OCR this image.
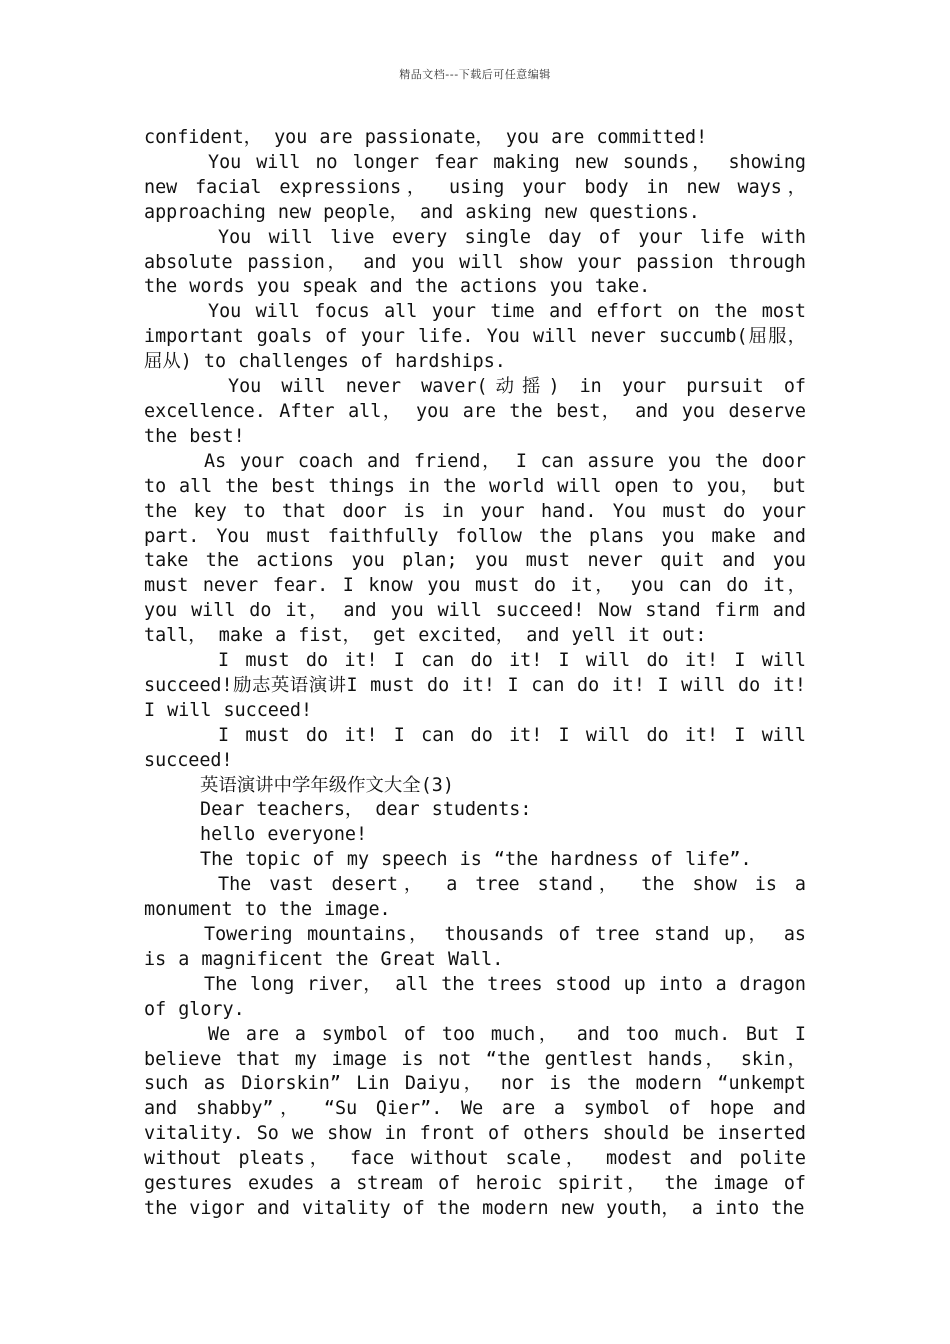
精品文档---下载后可任意编辑

confident， you are passionate， you are committed!

You will no longer fear making new sounds， showing new facial expressions， using your body in new ways， approaching new people， and asking new questions.

You will live every single day of your life with absolute passion， and you will show your passion through the words you speak and the actions you take.

You will focus all your time and effort on the most important goals of your life. You will never succumb(屈服，屈从) to challenges of hardships.

You will never waver(动摇) in your pursuit of excellence. After all， you are the best， and you deserve the best!

As your coach and friend， I can assure you the door to all the best things in the world will open to you， but the key to that door is in your hand. You must do your part. You must faithfully follow the plans you make and take the actions you plan; you must never quit and you must never fear. I know you must do it， you can do it， you will do it， and you will succeed! Now stand firm and tall， make a fist， get excited， and yell it out:

I must do it! I can do it! I will do it! I will succeed!励志英语演讲I must do it! I can do it! I will do it! I will succeed!

I must do it! I can do it! I will do it! I will succeed!

英语演讲中学年级作文大全(3)

Dear teachers， dear students:

hello everyone!

The topic of my speech is “the hardness of life”.

The vast desert， a tree stand， the show is a monument to the image.

Towering mountains， thousands of tree stand up， as is a magnificent the Great Wall.

The long river， all the trees stood up into a dragon of glory.

We are a symbol of too much， and too much. But I believe that my image is not “the gentlest hands， skin， such as Diorskin” Lin Daiyu， nor is the modern “unkempt and shabby”， “Su Qier”. We are a symbol of hope and vitality. So we show in front of others should be inserted without pleats， face without scale， modest and polite gestures exudes a stream of heroic spirit， the image of the vigor and vitality of the modern new youth， a into the
